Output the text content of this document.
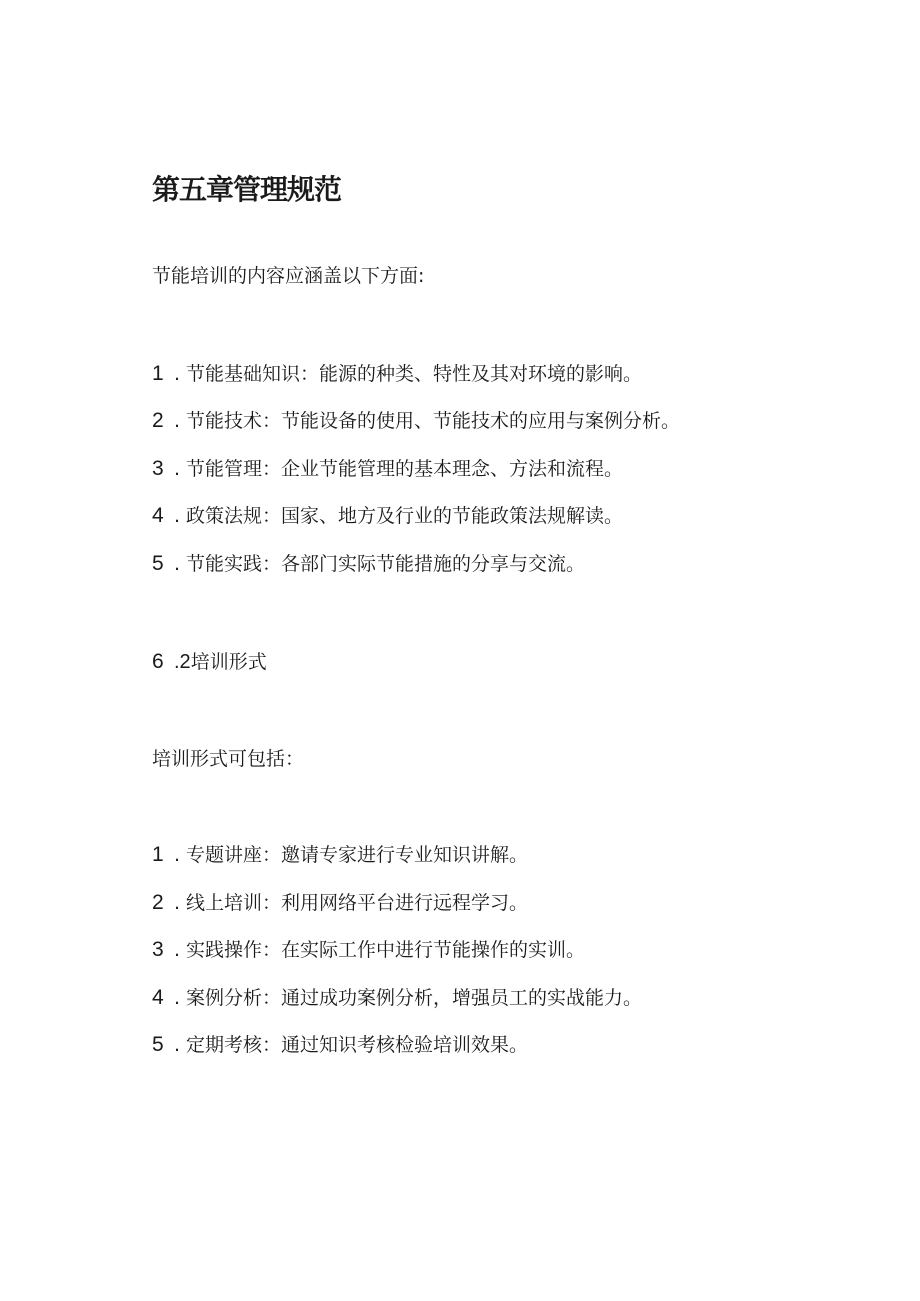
第五章管理规范
节能培训的内容应涵盖以下方面:
1 . 节能基础知识：能源的种类、特性及其对环境的影响。
2 . 节能技术：节能设备的使用、节能技术的应用与案例分析。
3 . 节能管理：企业节能管理的基本理念、方法和流程。
4 . 政策法规：国家、地方及行业的节能政策法规解读。
5 . 节能实践：各部门实际节能措施的分享与交流。
6 .2 培训形式
培训形式可包括：
1 . 专题讲座：邀请专家进行专业知识讲解。
2 . 线上培训：利用网络平台进行远程学习。
3 . 实践操作：在实际工作中进行节能操作的实训。
4 . 案例分析：通过成功案例分析，增强员工的实战能力。
5 . 定期考核：通过知识考核检验培训效果。
